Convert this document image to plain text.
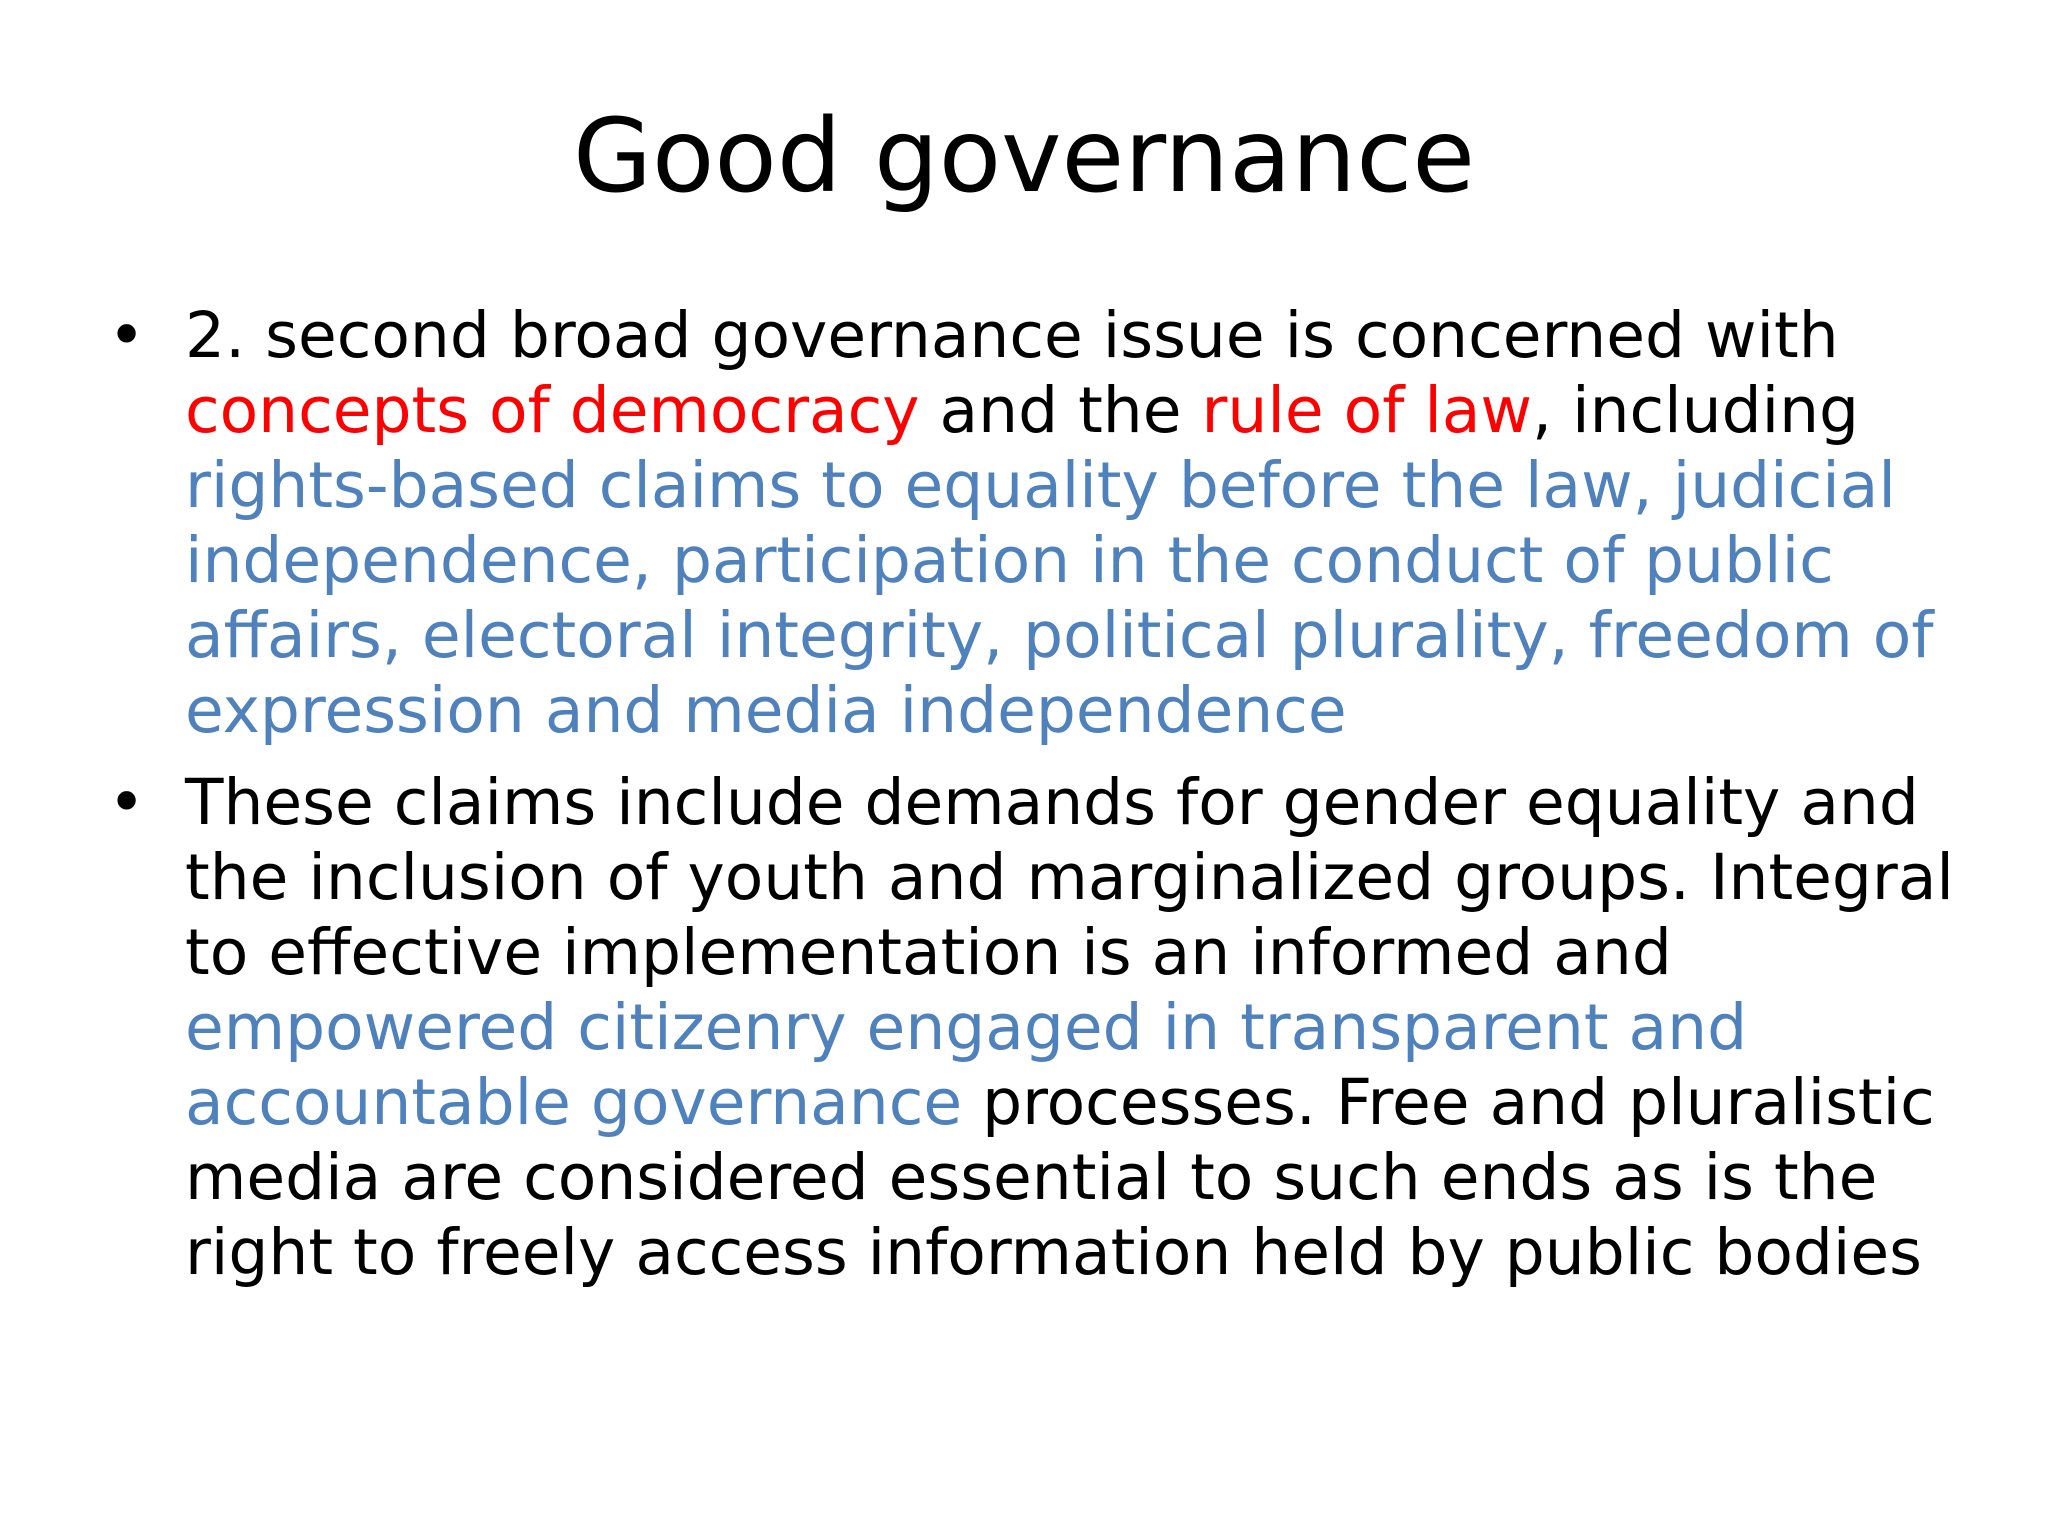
Good governance
• 2. second broad governance issue is concerned with
concepts of democracy and the rule of law, including
rights-based claims to equality before the law, judicial
independence, participation in the conduct of public
affairs, electoral integrity, political plurality, freedom of
expression and media independence
• These claims include demands for gender equality and
the inclusion of youth and marginalized groups. Integral
to effective implementation is an informed and
empowered citizenry engaged in transparent and
accountable governance processes. Free and pluralistic
media are considered essential to such ends as is the
right to freely access information held by public bodies
